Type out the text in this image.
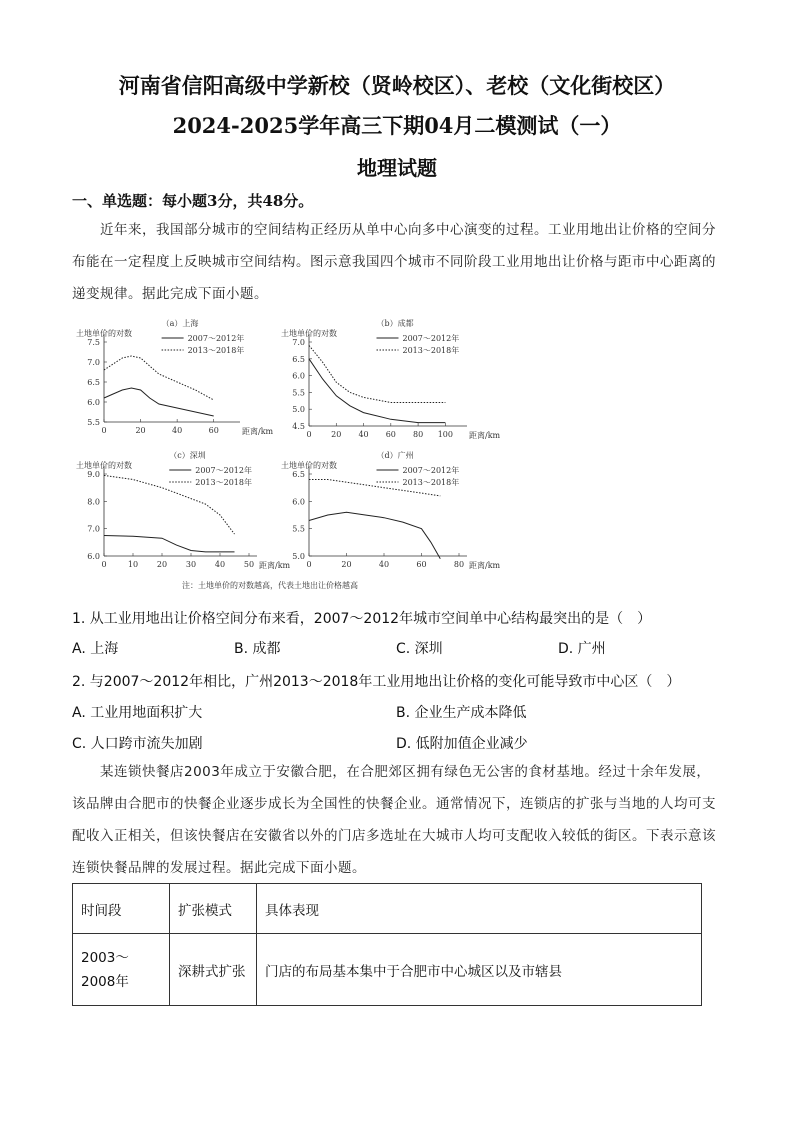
河南省信阳高级中学新校（贤岭校区）、老校（文化街校区）
2024-2025学年高三下期04月二模测试（一）
地理试题
一、单选题：每小题3分，共48分。
近年来，我国部分城市的空间结构正经历从单中心向多中心演变的过程。工业用地出让价格的空间分布能在一定程度上反映城市空间结构。图示意我国四个城市不同阶段工业用地出让价格与距市中心距离的递变规律。据此完成下面小题。
（a）上海
土地单价的对数
距离/km
5.5
6.0
6.5
7.0
7.5
0	20	40	60
2007～2012年
2013～2018年
（b）成都
土地单价的对数
距离/km
4.5
5.0
5.5
6.0
6.5
7.0
0 20 40 60 80 100
2007～2012年
2013～2018年
（c）深圳
土地单价的对数
距离/km
6.0
7.0
8.0
9.0
0	10 20 30 40 50
2007～2012年
2013～2018年
（d）广州
土地单价的对数
距离/km
5.0
5.5
6.0
6.5
0	20	40	60	80
2007～2012年
2013～2018年
注：土地单价的对数越高，代表土地出让价格越高
1. 从工业用地出让价格空间分布来看，2007～2012年城市空间单中心结构最突出的是（　）
A. 上海	B. 成都	C. 深圳	D. 广州
2. 与2007～2012年相比，广州2013～2018年工业用地出让价格的变化可能导致市中心区（　）
A. 工业用地面积扩大	B. 企业生产成本降低
C. 人口跨市流失加剧	D. 低附加值企业减少
某连锁快餐店2003年成立于安徽合肥，在合肥郊区拥有绿色无公害的食材基地。经过十余年发展，该品牌由合肥市的快餐企业逐步成长为全国性的快餐企业。通常情况下，连锁店的扩张与当地的人均可支配收入正相关，但该快餐店在安徽省以外的门店多选址在大城市人均可支配收入较低的街区。下表示意该连锁快餐品牌的发展过程。据此完成下面小题。
时间段	扩张模式	具体表现
2003～2008年	深耕式扩张	门店的布局基本集中于合肥市中心城区以及市辖县
